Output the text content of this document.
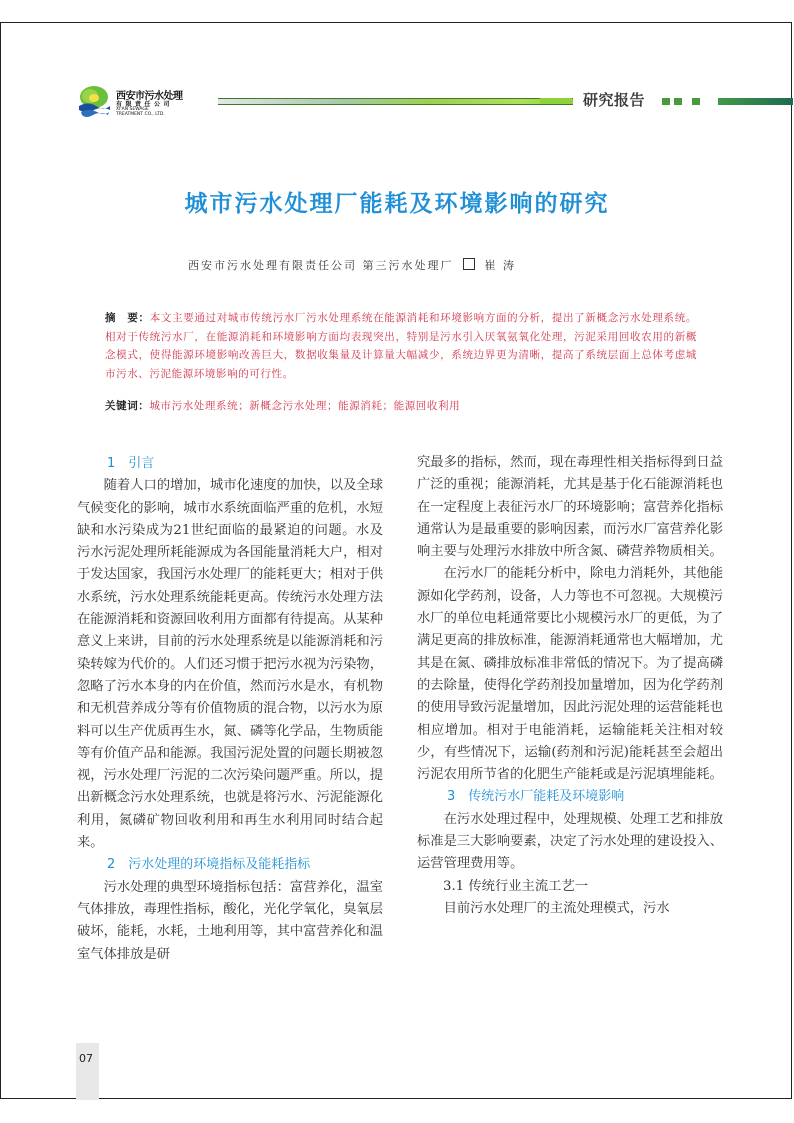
西安市污水处理
有限责任公司
XI'AN SEWAGE
TREATMENT CO., LTD.
研究报告
城市污水处理厂能耗及环境影响的研究
西安市污水处理有限责任公司 第三污水处理厂	崔 涛
摘　要：本文主要通过对城市传统污水厂污水处理系统在能源消耗和环境影响方面的分析，提出了新概念污水处理系统。相对于传统污水厂，在能源消耗和环境影响方面均表现突出，特别是污水引入厌氧氨氧化处理，污泥采用回收农用的新概念模式，使得能源环境影响改善巨大，数据收集量及计算量大幅减少，系统边界更为清晰，提高了系统层面上总体考虑城市污水、污泥能源环境影响的可行性。
关键词：城市污水处理系统；新概念污水处理；能源消耗；能源回收利用
1　引言

随着人口的增加，城市化速度的加快，以及全球气候变化的影响，城市水系统面临严重的危机，水短缺和水污染成为21世纪面临的最紧迫的问题。水及污水污泥处理所耗能源成为各国能量消耗大户，相对于发达国家，我国污水处理厂的能耗更大；相对于供水系统，污水处理系统能耗更高。传统污水处理方法在能源消耗和资源回收利用方面都有待提高。从某种意义上来讲，目前的污水处理系统是以能源消耗和污染转嫁为代价的。人们还习惯于把污水视为污染物，忽略了污水本身的内在价值，然而污水是水，有机物和无机营养成分等有价值物质的混合物，以污水为原料可以生产优质再生水，氮、磷等化学品，生物质能等有价值产品和能源。我国污泥处置的问题长期被忽视，污水处理厂污泥的二次污染问题严重。所以，提出新概念污水处理系统，也就是将污水、污泥能源化利用，氮磷矿物回收利用和再生水利用同时结合起来。

2　污水处理的环境指标及能耗指标

污水处理的典型环境指标包括：富营养化，温室气体排放，毒理性指标，酸化，光化学氧化，臭氧层破坏，能耗，水耗，土地利用等，其中富营养化和温室气体排放是研

究最多的指标，然而，现在毒理性相关指标得到日益广泛的重视；能源消耗，尤其是基于化石能源消耗也在一定程度上表征污水厂的环境影响；富营养化指标通常认为是最重要的影响因素，而污水厂富营养化影响主要与处理污水排放中所含氮、磷营养物质相关。

在污水厂的能耗分析中，除电力消耗外，其他能源如化学药剂，设备，人力等也不可忽视。大规模污水厂的单位电耗通常要比小规模污水厂的更低，为了满足更高的排放标准，能源消耗通常也大幅增加，尤其是在氮、磷排放标准非常低的情况下。为了提高磷的去除量，使得化学药剂投加量增加，因为化学药剂的使用导致污泥量增加，因此污泥处理的运营能耗也相应增加。相对于电能消耗，运输能耗关注相对较少，有些情况下，运输(药剂和污泥)能耗甚至会超出污泥农用所节省的化肥生产能耗或是污泥填埋能耗。

3　传统污水厂能耗及环境影响

在污水处理过程中，处理规模、处理工艺和排放标准是三大影响要素，决定了污水处理的建设投入、运营管理费用等。

3.1 传统行业主流工艺一

目前污水处理厂的主流处理模式，污水

07
